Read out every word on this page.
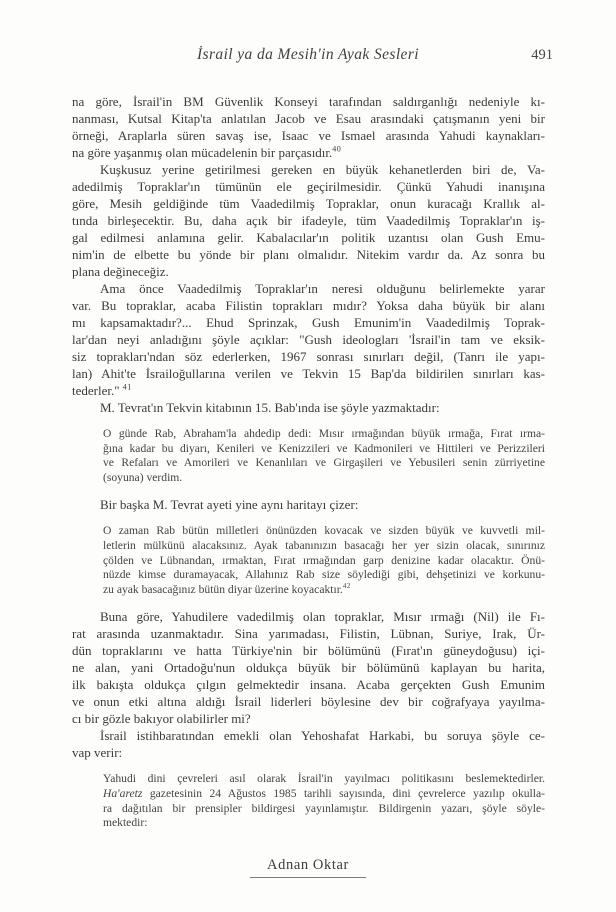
İsrail ya da Mesih'in Ayak Sesleri	491
na göre, İsrail'in BM Güvenlik Konseyi tarafından saldırganlığı nedeniyle kı-
nanması, Kutsal Kitap'ta anlatılan Jacob ve Esau arasındaki çatışmanın yeni bir
örneği, Araplarla süren savaş ise, Isaac ve Ismael arasında Yahudi kaynakları-
na göre yaşanmış olan mücadelenin bir parçasıdır.$^{40}$
Kuşkusuz yerine getirilmesi gereken en büyük kehanetlerden biri de, Va-
adedilmiş Topraklar'ın tümünün ele geçirilmesidir. Çünkü Yahudi inanışına
göre, Mesih geldiğinde tüm Vaadedilmiş Topraklar, onun kuracağı Krallık al-
tında birleşecektir. Bu, daha açık bir ifadeyle, tüm Vaadedilmiş Topraklar'ın iş-
gal edilmesi anlamına gelir. Kabalacılar'ın politik uzantısı olan Gush Emu-
nim'in de elbette bu yönde bir planı olmalıdır. Nitekim vardır da. Az sonra bu
plana değineceğiz.
Ama önce Vaadedilmiş Topraklar'ın neresi olduğunu belirlemekte yarar
var. Bu topraklar, acaba Filistin toprakları mıdır? Yoksa daha büyük bir alanı
mı kapsamaktadır?... Ehud Sprinzak, Gush Emunim'in Vaadedilmiş Toprak-
lar'dan neyi anladığını şöyle açıklar: "Gush ideologları 'İsrail'in tam ve eksik-
siz toprakları'ndan söz ederlerken, 1967 sonrası sınırları değil, (Tanrı ile yapı-
lan) Ahit'te İsrailoğullarına verilen ve Tekvin 15 Bap'da bildirilen sınırları kas-
tederler." $^{41}$
M. Tevrat'ın Tekvin kitabının 15. Bab'ında ise şöyle yazmaktadır:
O günde Rab, Abraham'la ahdedip dedi: Mısır ırmağından büyük ırmağa, Fırat ırma-
ğına kadar bu diyarı, Kenileri ve Kenizzileri ve Kadmonileri ve Hittileri ve Perizzileri
ve Refaları ve Amorileri ve Kenanlıları ve Girgaşileri ve Yebusileri senin zürriyetine
(soyuna) verdim.
Bir başka M. Tevrat ayeti yine aynı haritayı çizer:
O zaman Rab bütün milletleri önünüzden kovacak ve sizden büyük ve kuvvetli mil-
letlerin mülkünü alacaksınız. Ayak tabanınızın basacağı her yer sizin olacak, sınırınız
çölden ve Lübnandan, ırmaktan, Fırat ırmağından garp denizine kadar olacaktır. Önü-
nüzde kimse duramayacak, Allahınız Rab size söylediği gibi, dehşetinizi ve korkunu-
zu ayak basacağınız bütün diyar üzerine koyacaktır.$^{42}$
Buna göre, Yahudilere vadedilmiş olan topraklar, Mısır ırmağı (Nil) ile Fı-
rat arasında uzanmaktadır. Sina yarımadası, Filistin, Lübnan, Suriye, Irak, Ür-
dün topraklarını ve hatta Türkiye'nin bir bölümünü (Fırat'ın güneydoğusu) içi-
ne alan, yani Ortadoğu'nun oldukça büyük bir bölümünü kaplayan bu harita,
ilk bakışta oldukça çılgın gelmektedir insana. Acaba gerçekten Gush Emunim
ve onun etki altına aldığı İsrail liderleri böylesine dev bir coğrafyaya yayılma-
cı bir gözle bakıyor olabilirler mi?
İsrail istihbaratından emekli olan Yehoshafat Harkabi, bu soruya şöyle ce-
vap verir:
Yahudi dini çevreleri asıl olarak İsrail'in yayılmacı politikasını beslemektedirler.
Ha'aretz gazetesinin 24 Ağustos 1985 tarihli sayısında, dini çevrelerce yazılıp okulla-
ra dağıtılan bir prensipler bildirgesi yayınlamıştır. Bildirgenin yazarı, şöyle söyle-
mektedir:
Adnan Oktar
